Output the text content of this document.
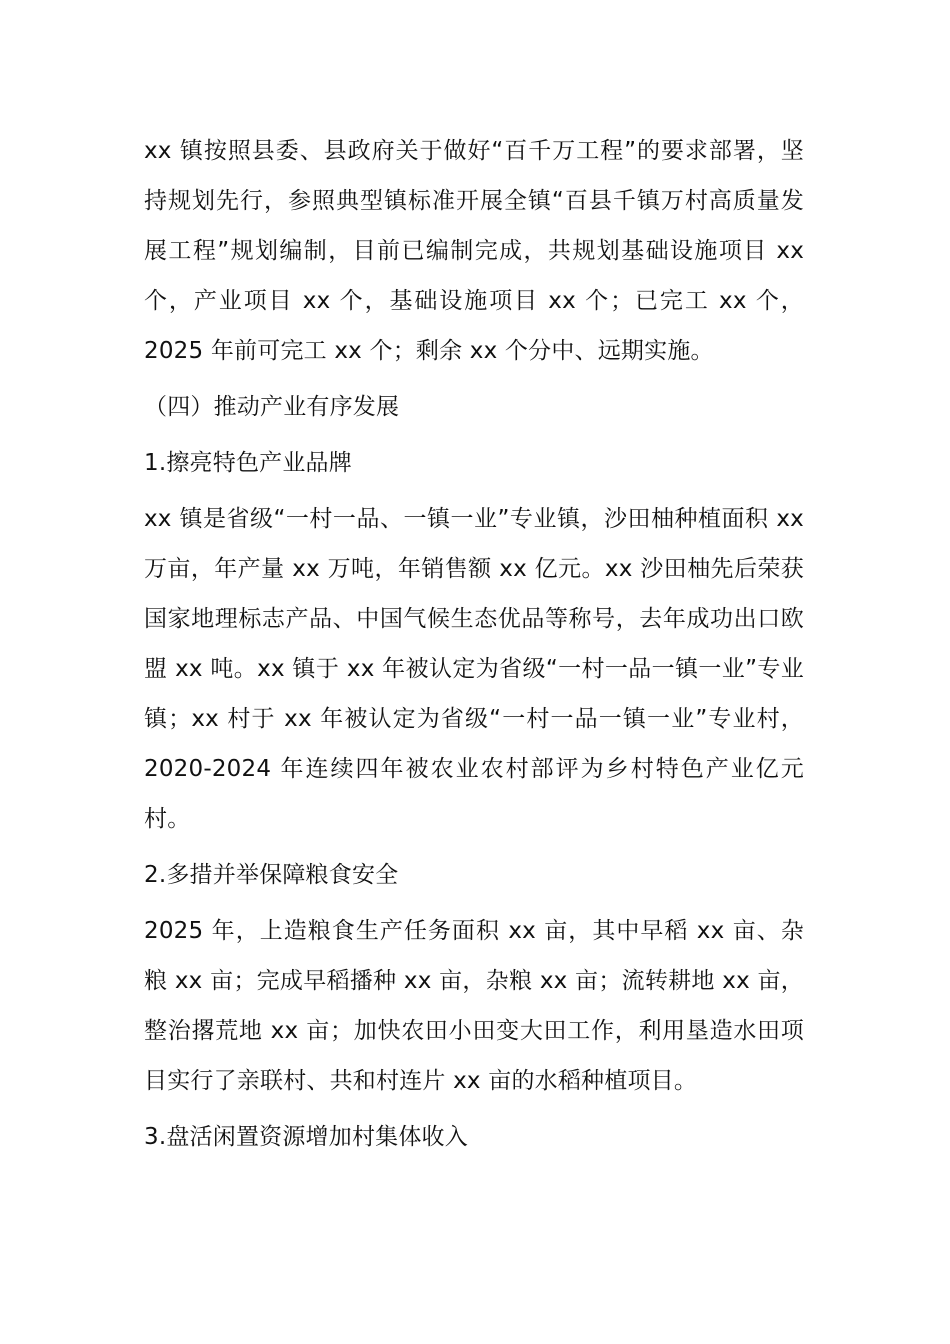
xx 镇按照县委、县政府关于做好“百千万工程”的要求部署，坚持规划先行，参照典型镇标准开展全镇“百县千镇万村高质量发展工程”规划编制，目前已编制完成，共规划基础设施项目 xx 个，产业项目 xx 个，基础设施项目 xx 个；已完工 xx 个，2025 年前可完工 xx 个；剩余 xx 个分中、远期实施。

（四）推动产业有序发展

1.擦亮特色产业品牌

xx 镇是省级“一村一品、一镇一业”专业镇，沙田柚种植面积 xx 万亩，年产量 xx 万吨，年销售额 xx 亿元。xx 沙田柚先后荣获国家地理标志产品、中国气候生态优品等称号，去年成功出口欧盟 xx 吨。xx 镇于 xx 年被认定为省级“一村一品一镇一业”专业镇；xx 村于 xx 年被认定为省级“一村一品一镇一业”专业村，2020-2024 年连续四年被农业农村部评为乡村特色产业亿元村。

2.多措并举保障粮食安全

2025 年，上造粮食生产任务面积 xx 亩，其中早稻 xx 亩、杂粮 xx 亩；完成早稻播种 xx 亩，杂粮 xx 亩；流转耕地 xx 亩，整治撂荒地 xx 亩；加快农田小田变大田工作，利用垦造水田项目实行了亲联村、共和村连片 xx 亩的水稻种植项目。

3.盘活闲置资源增加村集体收入
